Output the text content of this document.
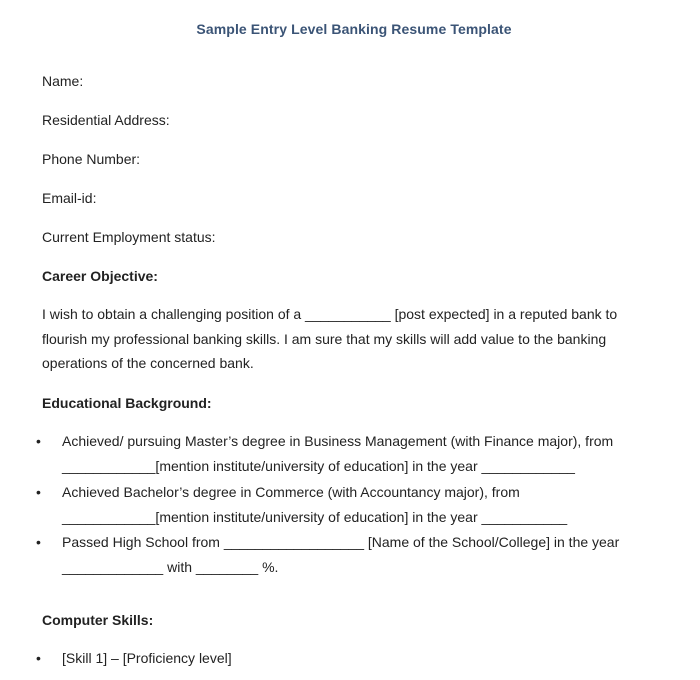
Sample Entry Level Banking Resume Template
Name:
Residential Address:
Phone Number:
Email-id:
Current Employment status:
Career Objective:
I wish to obtain a challenging position of a ___________ [post expected] in a reputed bank to
flourish my professional banking skills. I am sure that my skills will add value to the banking
operations of the concerned bank.
Educational Background:
•	Achieved/ pursuing Master’s degree in Business Management (with Finance major), from
____________[mention institute/university of education] in the year ____________
•	Achieved Bachelor’s degree in Commerce (with Accountancy major), from
____________[mention institute/university of education] in the year ___________
•	Passed High School from __________________ [Name of the School/College] in the year
_____________ with ________ %.
Computer Skills:
•	[Skill 1] – [Proficiency level]
